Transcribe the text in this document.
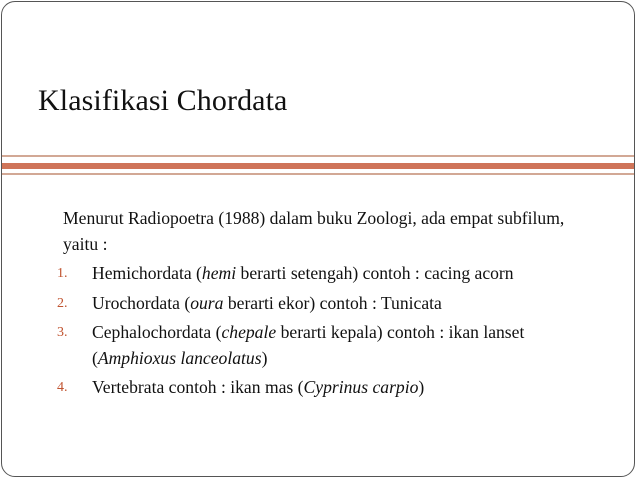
Klasifikasi Chordata

Menurut Radiopoetra (1988) dalam buku Zoologi, ada empat subfilum, yaitu :

1. Hemichordata (hemi berarti setengah) contoh : cacing acorn
2. Urochordata (oura berarti ekor) contoh : Tunicata
3. Cephalochordata (chepale berarti kepala) contoh : ikan lanset (Amphioxus lanceolatus)
4. Vertebrata contoh : ikan mas (Cyprinus carpio)
